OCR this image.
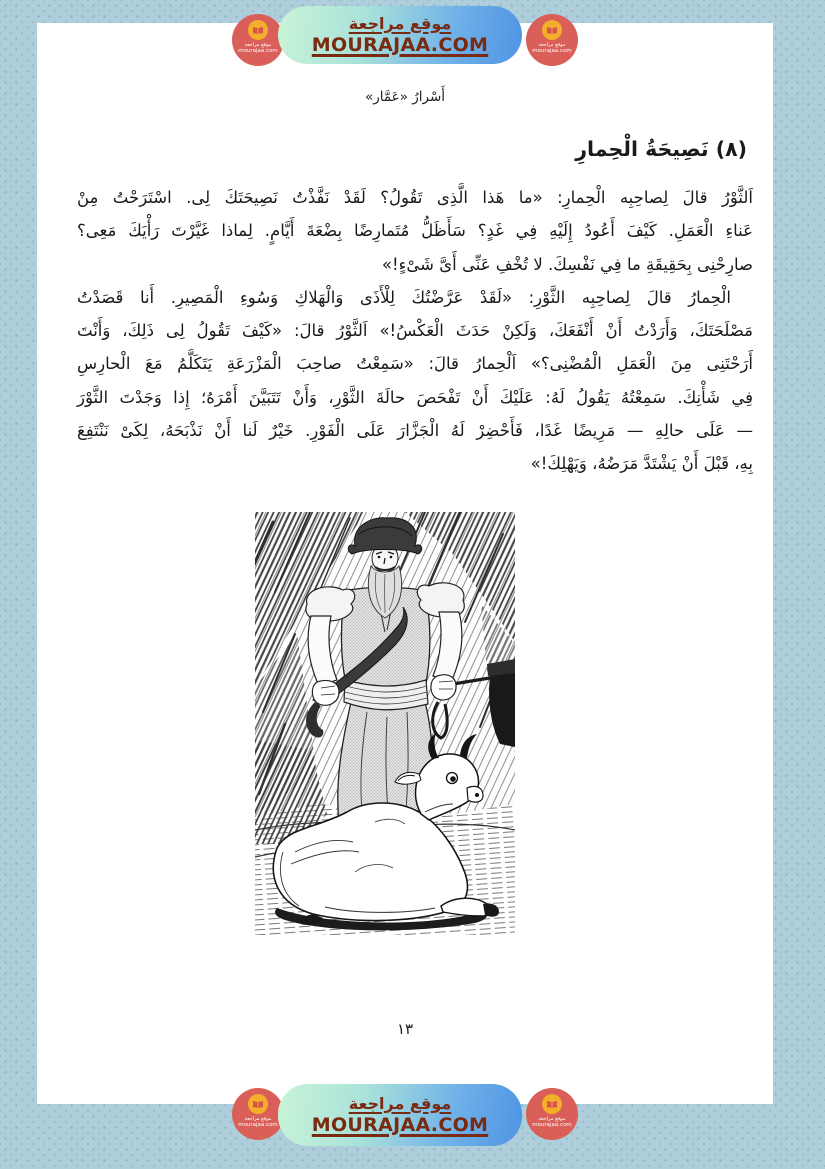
أَسْرارُ «عَمَّار»
(٨) نَصِيحَةُ الْحِمارِ
اَلثَّوْرُ قالَ لِصاحِبِه الْحِمارِ: «ما هَذا الَّذِى تَقُولُ؟ لَقَدْ نَفَّذْتُ نَصِيحَتَكَ لِى. اسْتَرَحْتُ مِنْ
عَناءِ الْعَمَلِ. كَيْفَ أَعُودُ إِلَيْهِ فِي غَدٍ؟ سَأَظَلُّ مُتَمارِضًا بِضْعَةَ أَيَّامٍ. لِماذا غَيَّرْتَ رَأْيَكَ مَعِى؟
صارِحْنِى بِحَقِيقَةِ ما فِي نَفْسِكَ. لا تُخْفِ عَنِّى أَىَّ شَىْءٍ!»
الْحِمارُ قالَ لِصاحِبِه الثَّوْرِ: «لَقَدْ عَرَّضْتُكَ لِلْأَذَى وَالْهَلاكِ وَسُوءِ الْمَصِيرِ. أَنا قَصَدْتُ
مَصْلَحَتَكَ، وَأَرَدْتُ أَنْ أَنْفَعَكَ، وَلَكِنْ حَدَثَ الْعَكْسُ!» اَلثَّوْرُ قالَ: «كَيْفَ تَقُولُ لِى ذَلِكَ، وَأَنْتَ
أَرَحْتَنِى مِنَ الْعَمَلِ الْمُضْنِى؟» اَلْحِمارُ قالَ: «سَمِعْتُ صاحِبَ الْمَزْرَعَةِ يَتَكَلَّمُ مَعَ الْحارِسِ
فِي شَأْنِكَ. سَمِعْتُهُ يَقُولُ لَهُ: عَلَيْكَ أَنْ تَفْحَصَ حالَةَ الثَّوْرِ، وَأَنْ تَتَبَيَّنَ أَمْرَهُ؛ إِذا وَجَدْتَ الثَّوْرَ
— عَلَى حالِهِ — مَرِيضًا غَدًا، فَأَحْضِرْ لَهُ الْجَزَّارَ عَلَى الْفَوْرِ. خَيْرٌ لَنا أَنْ نَذْبَحَهُ، لِكَىْ نَنْتَفِعَ
بِهِ، قَبْلَ أَنْ يَشْتَدَّ مَرَضُهُ، وَيَهْلِكَ!»
١٣
موقع مراجعة
mourajaa.com
موقع مراجعة
MOURAJAA.COM	موقع مراجعة
mourajaa.com
موقع مراجعة
mourajaa.com
موقع مراجعة
MOURAJAA.COM	موقع مراجعة
mourajaa.com
